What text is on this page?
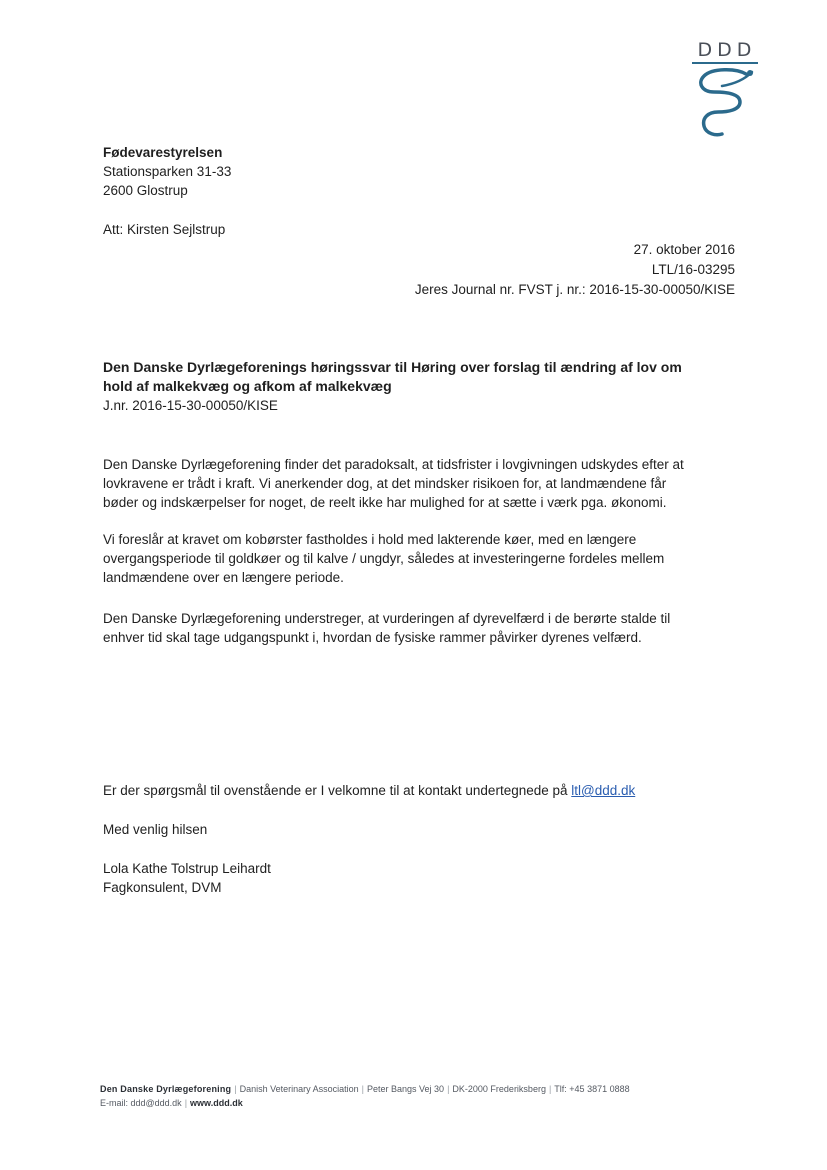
DDD
Fødevarestyrelsen
Stationsparken 31-33
2600 Glostrup
Att: Kirsten Sejlstrup
27. oktober 2016
LTL/16-03295
Jeres Journal nr. FVST j. nr.: 2016-15-30-00050/KISE
Den Danske Dyrlægeforenings høringssvar til Høring over forslag til ændring af lov om
hold af malkekvæg og afkom af malkekvæg
J.nr. 2016-15-30-00050/KISE
Den Danske Dyrlægeforening finder det paradoksalt, at tidsfrister i lovgivningen udskydes efter at
lovkravene er trådt i kraft. Vi anerkender dog, at det mindsker risikoen for, at landmændene får
bøder og indskærpelser for noget, de reelt ikke har mulighed for at sætte i værk pga. økonomi.
Vi foreslår at kravet om kobørster fastholdes i hold med lakterende køer, med en længere
overgangsperiode til goldkøer og til kalve / ungdyr, således at investeringerne fordeles mellem
landmændene over en længere periode.
Den Danske Dyrlægeforening understreger, at vurderingen af dyrevelfærd i de berørte stalde til
enhver tid skal tage udgangspunkt i, hvordan de fysiske rammer påvirker dyrenes velfærd.
Er der spørgsmål til ovenstående er I velkomne til at kontakt undertegnede på ltl@ddd.dk
Med venlig hilsen
Lola Kathe Tolstrup Leihardt
Fagkonsulent, DVM
Den Danske Dyrlægeforening | Danish Veterinary Association | Peter Bangs Vej 30 | DK-2000 Frederiksberg | Tlf: +45 3871 0888
E-mail: ddd@ddd.dk | www.ddd.dk
